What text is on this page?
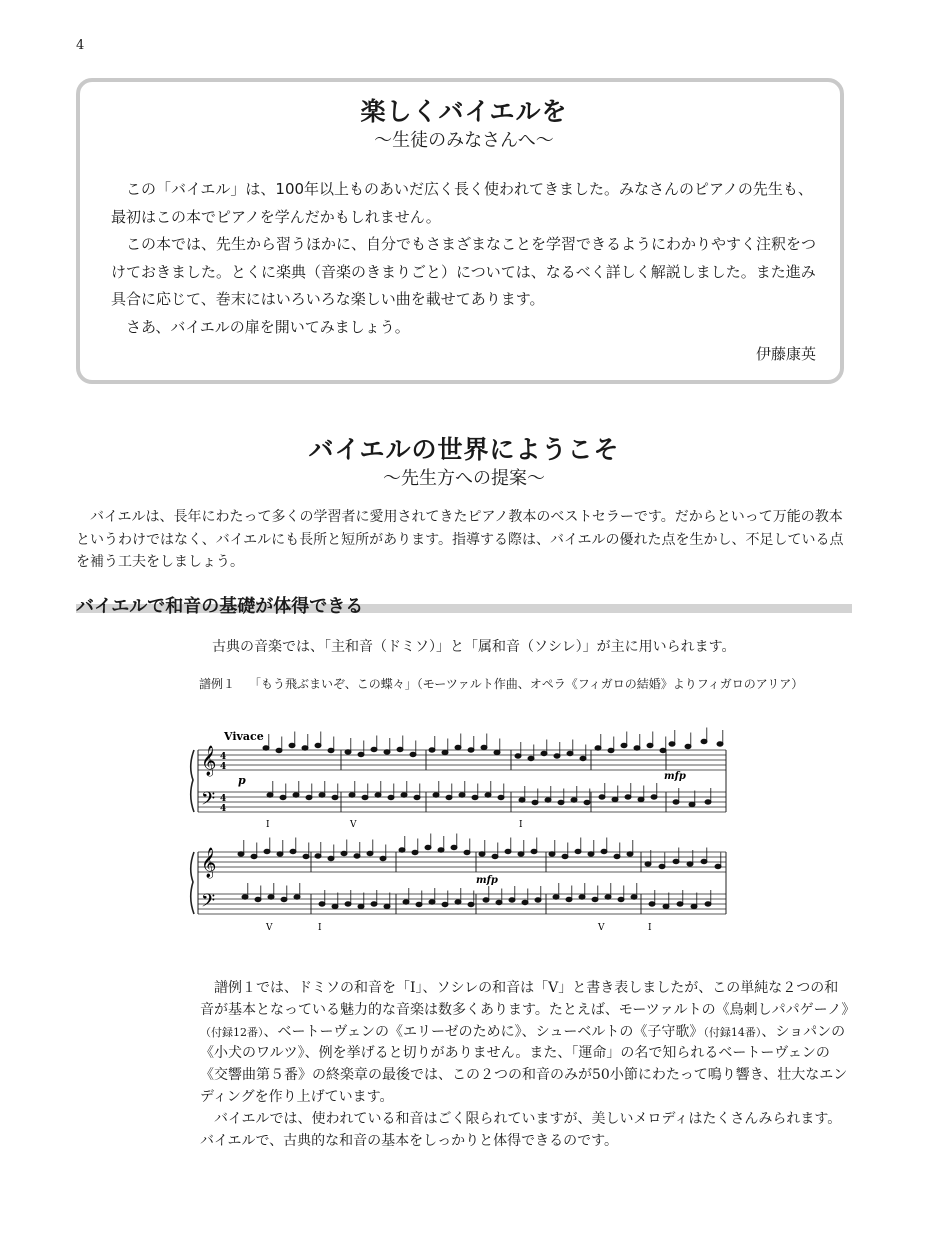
4
楽しくバイエルを
～生徒のみなさんへ～

この「バイエル」は、100年以上ものあいだ広く長く使われてきました。みなさんのピアノの先生も、最初はこの本でピアノを学んだかもしれません。

この本では、先生から習うほかに、自分でもさまざまなことを学習できるようにわかりやすく注釈をつけておきました。とくに楽典（音楽のきまりごと）については、なるべく詳しく解説しました。また進み具合に応じて、巻末にはいろいろな楽しい曲を載せてあります。

さあ、バイエルの扉を開いてみましょう。

伊藤康英
バイエルの世界にようこそ
～先生方への提案～

バイエルは、長年にわたって多くの学習者に愛用されてきたピアノ教本のベストセラーです。だからといって万能の教本というわけではなく、バイエルにも長所と短所があります。指導する際は、バイエルの優れた点を生かし、不足している点を補う工夫をしましょう。

バイエルで和音の基礎が体得できる
古典の音楽では、「主和音（ドミソ）」と「属和音（ソシレ）」が主に用いられます。
譜例１ 「もう飛ぶまいぞ、この蝶々」（モーツァルト作曲、オペラ《フィガロの結婚》よりフィガロのアリア）
𝄞
𝄢
𝄞
𝄢
4
4
4
4
Vivace
p	mfp
mfp
I	V	I
V	I	V	I

譜例１では、ドミソの和音を「Ⅰ」、ソシレの和音は「Ⅴ」と書き表しましたが、この単純な２つの和音が基本となっている魅力的な音楽は数多くあります。たとえば、モーツァルトの《鳥刺しパパゲーノ》（付録12番）、ベートーヴェンの《エリーゼのために》、シューベルトの《子守歌》（付録14番）、ショパンの《小犬のワルツ》、例を挙げると切りがありません。また、「運命」の名で知られるベートーヴェンの《交響曲第５番》の終楽章の最後では、この２つの和音のみが50小節にわたって鳴り響き、壮大なエンディングを作り上げています。

バイエルでは、使われている和音はごく限られていますが、美しいメロディはたくさんみられます。バイエルで、古典的な和音の基本をしっかりと体得できるのです。
